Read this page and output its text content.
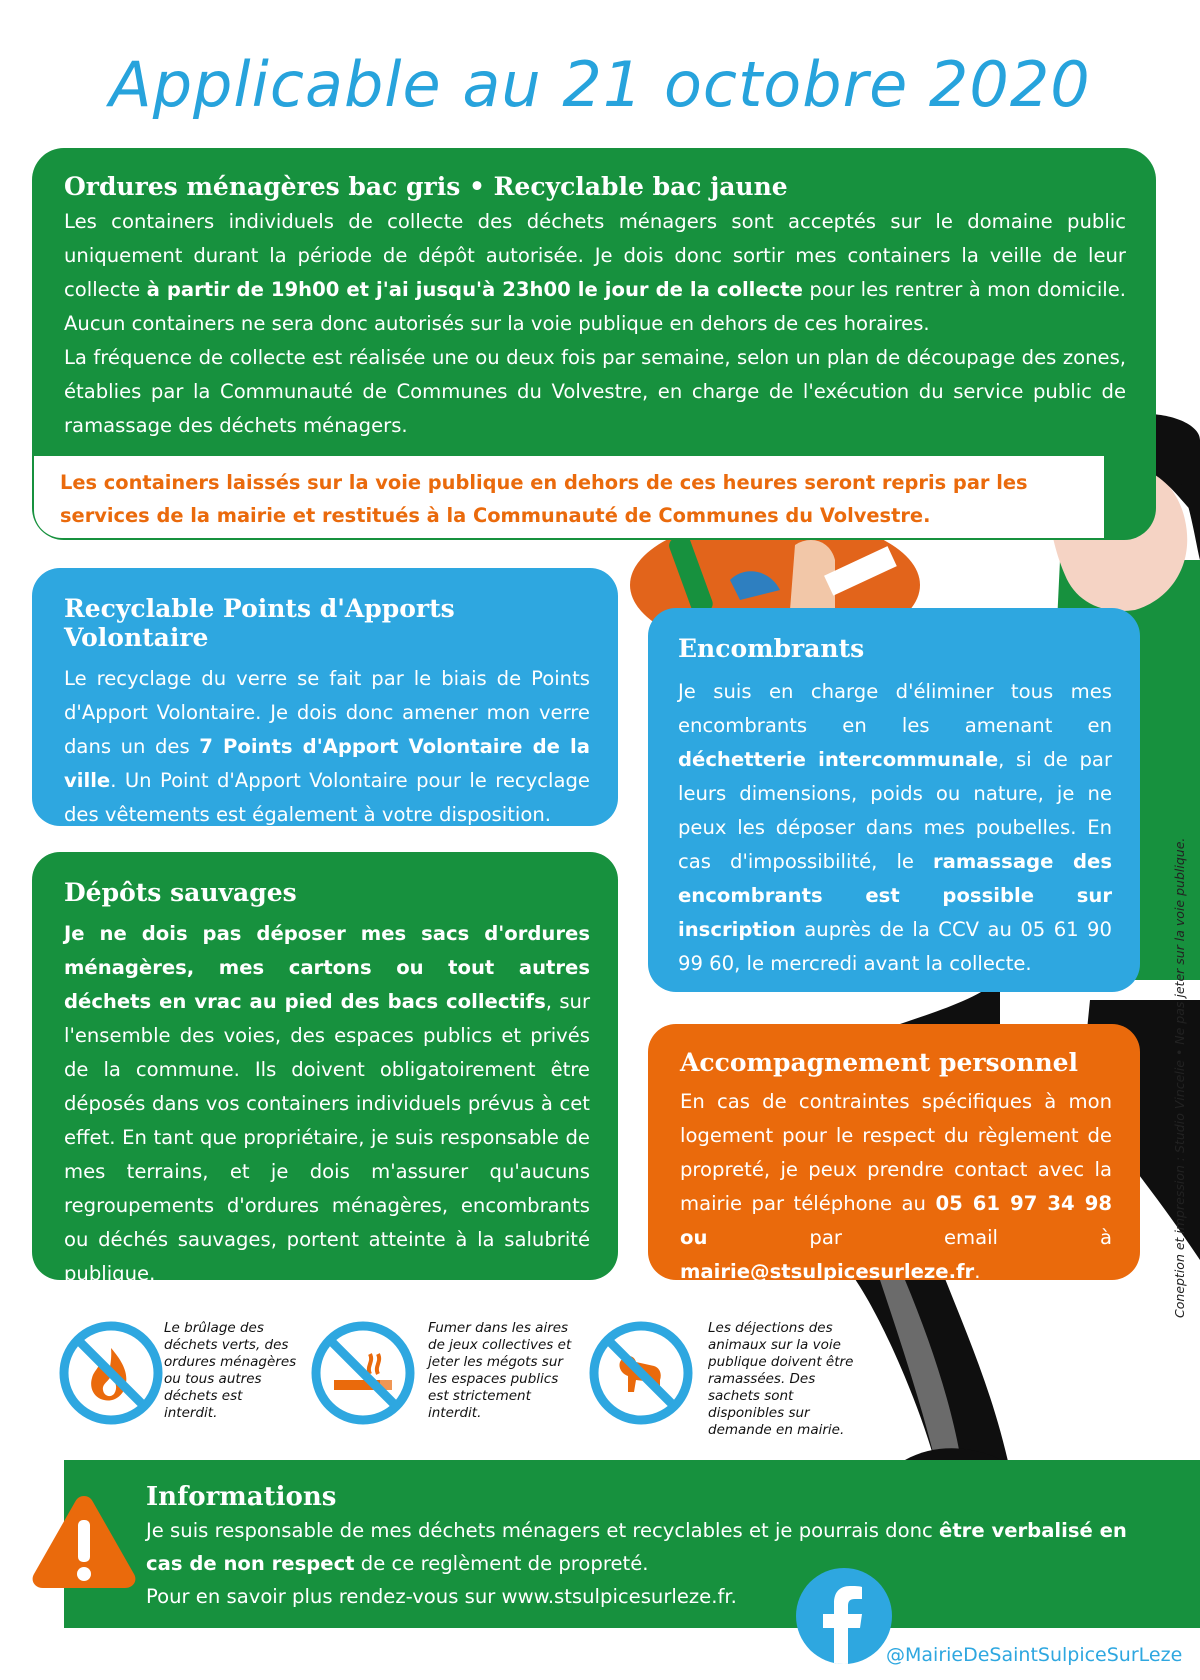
Applicable au 21 octobre 2020
Ordures ménagères bac gris • Recyclable bac jaune
Les containers individuels de collecte des déchets ménagers sont acceptés sur le domaine public uniquement durant la période de dépôt autorisée. Je dois donc sortir mes containers la veille de leur collecte à partir de 19h00 et j'ai jusqu'à 23h00 le jour de la collecte pour les rentrer à mon domicile. Aucun containers ne sera donc autorisés sur la voie publique en dehors de ces horaires.
La fréquence de collecte est réalisée une ou deux fois par semaine, selon un plan de découpage des zones, établies par la Communauté de Communes du Volvestre, en charge de l'exécution du service public de ramassage des déchets ménagers.
Les containers laissés sur la voie publique en dehors de ces heures seront repris par les services de la mairie et restitués à la Communauté de Communes du Volvestre.
Recyclable Points d'Apports Volontaire
Le recyclage du verre se fait par le biais de Points d'Apport Volontaire. Je dois donc amener mon verre dans un des 7 Points d'Apport Volontaire de la ville. Un Point d'Apport Volontaire pour le recyclage des vêtements est également à votre disposition.
Dépôts sauvages
Je ne dois pas déposer mes sacs d'ordures ménagères, mes cartons ou tout autres déchets en vrac au pied des bacs collectifs, sur l'ensemble des voies, des espaces publics et privés de la commune. Ils doivent obligatoirement être déposés dans vos containers individuels prévus à cet effet. En tant que propriétaire, je suis responsable de mes terrains, et je dois m'assurer qu'aucuns regroupements d'ordures ménagères, encombrants ou déchés sauvages, portent atteinte à la salubrité publique.
Encombrants
Je suis en charge d'éliminer tous mes encombrants en les amenant en déchetterie intercommunale, si de par leurs dimensions, poids ou nature, je ne peux les déposer dans mes poubelles. En cas d'impossibilité, le ramassage des encombrants est possible sur inscription auprès de la CCV au 05 61 90 99 60, le mercredi avant la collecte.
Accompagnement personnel
En cas de contraintes spécifiques à mon logement pour le respect du règlement de propreté, je peux prendre contact avec la mairie par téléphone au 05 61 97 34 98 ou par email à mairie@stsulpicesurleze.fr.
Le brûlage des déchets verts, des ordures ménagères ou tous autres déchets est interdit.
Fumer dans les aires de jeux collectives et jeter les mégots sur les espaces publics est strictement interdit.
Les déjections des animaux sur la voie publique doivent être ramassées. Des sachets sont disponibles sur demande en mairie.
Coneption et impression : Studio Vincelie • Ne pas jeter sur la voie publique.
Informations
Je suis responsable de mes déchets ménagers et recyclables et je pourrais donc être verbalisé en cas de non respect de ce reglèment de propreté.
Pour en savoir plus rendez-vous sur www.stsulpicesurleze.fr.
@MairieDeSaintSulpiceSurLeze
